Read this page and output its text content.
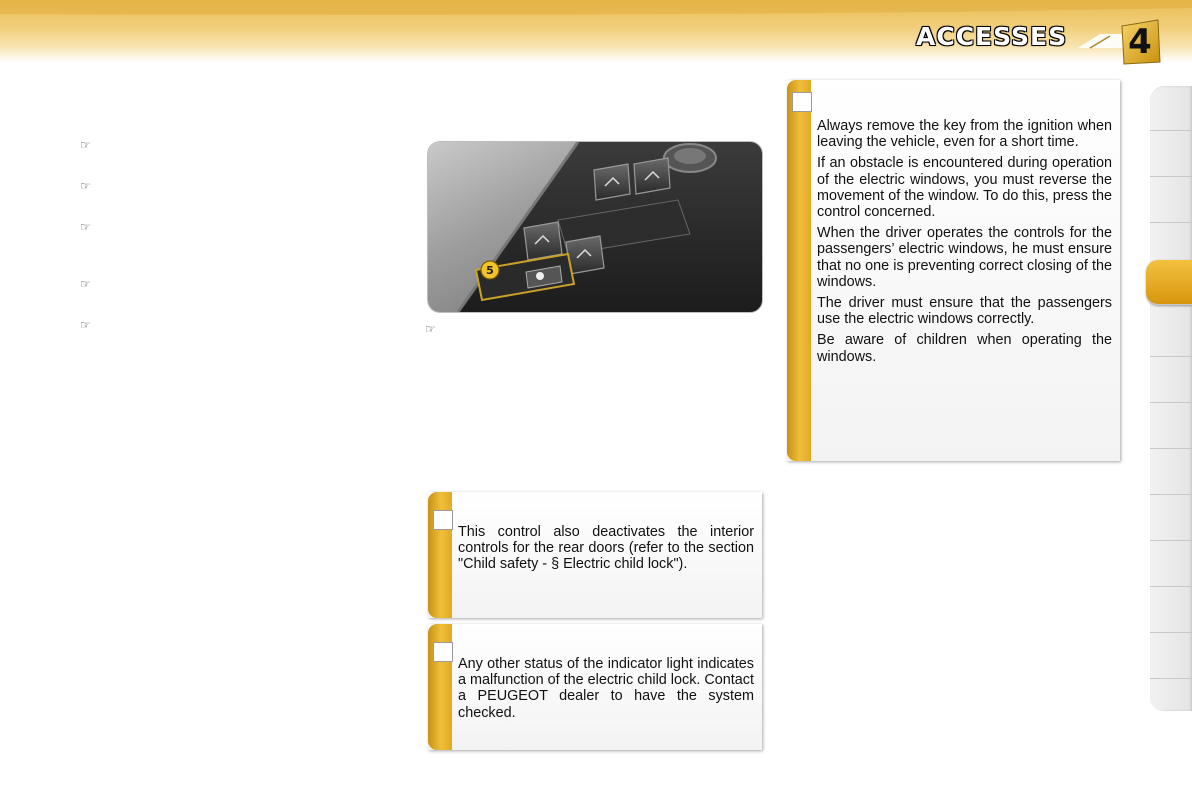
ACCESSES 4
☞
☞
☞
☞
☞
5
☞

Always remove the key from the ignition when leaving the vehicle, even for a short time.

If an obstacle is encountered during operation of the electric windows, you must reverse the movement of the window. To do this, press the control concerned.

When the driver operates the controls for the passengers’ electric windows, he must ensure that no one is preventing correct closing of the windows.

The driver must ensure that the passengers use the electric windows correctly.

Be aware of children when operating the windows.

This control also deactivates the interior controls for the rear doors (refer to the section "Child safety - § Electric child lock").
Any other status of the indicator light indicates a malfunction of the electric child lock. Contact a PEUGEOT dealer to have the system checked.
